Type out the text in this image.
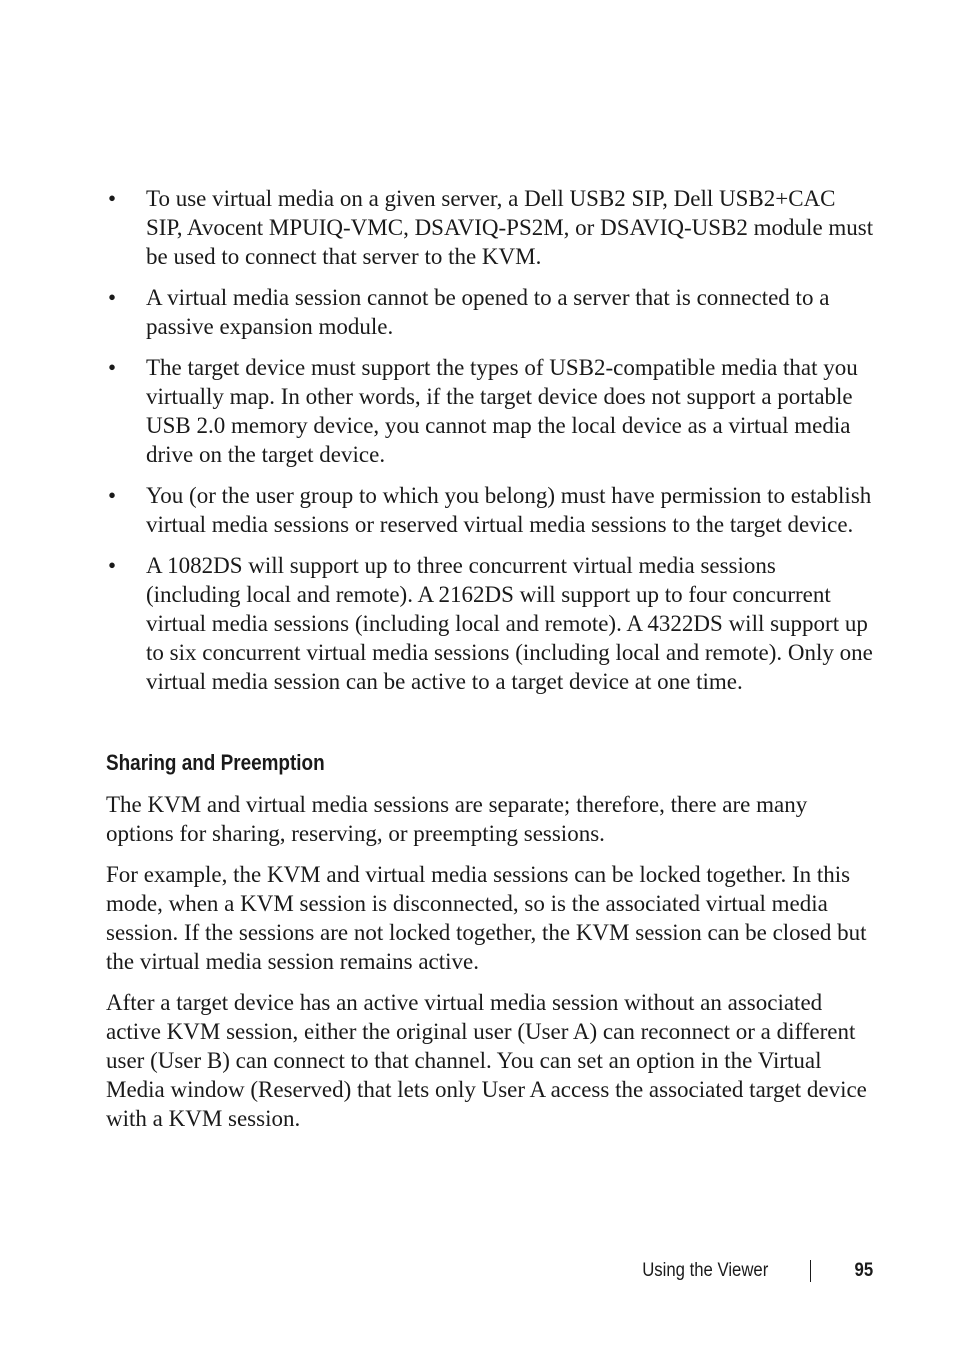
• To use virtual media on a given server, a Dell USB2 SIP, Dell USB2+CAC SIP, Avocent MPUIQ-VMC, DSAVIQ-PS2M, or DSAVIQ-USB2 module must be used to connect that server to the KVM.
• A virtual media session cannot be opened to a server that is connected to a passive expansion module.
• The target device must support the types of USB2-compatible media that you virtually map. In other words, if the target device does not support a portable USB 2.0 memory device, you cannot map the local device as a virtual media drive on the target device.
• You (or the user group to which you belong) must have permission to establish virtual media sessions or reserved virtual media sessions to the target device.
• A 1082DS will support up to three concurrent virtual media sessions (including local and remote). A 2162DS will support up to four concurrent virtual media sessions (including local and remote). A 4322DS will support up to six concurrent virtual media sessions (including local and remote). Only one virtual media session can be active to a target device at one time.
Sharing and Preemption

The KVM and virtual media sessions are separate; therefore, there are many options for sharing, reserving, or preempting sessions.

For example, the KVM and virtual media sessions can be locked together. In this mode, when a KVM session is disconnected, so is the associated virtual media session. If the sessions are not locked together, the KVM session can be closed but the virtual media session remains active.

After a target device has an active virtual media session without an associated active KVM session, either the original user (User A) can reconnect or a different user (User B) can connect to that channel. You can set an option in the Virtual Media window (Reserved) that lets only User A access the associated target device with a KVM session.

Using the Viewer	95
